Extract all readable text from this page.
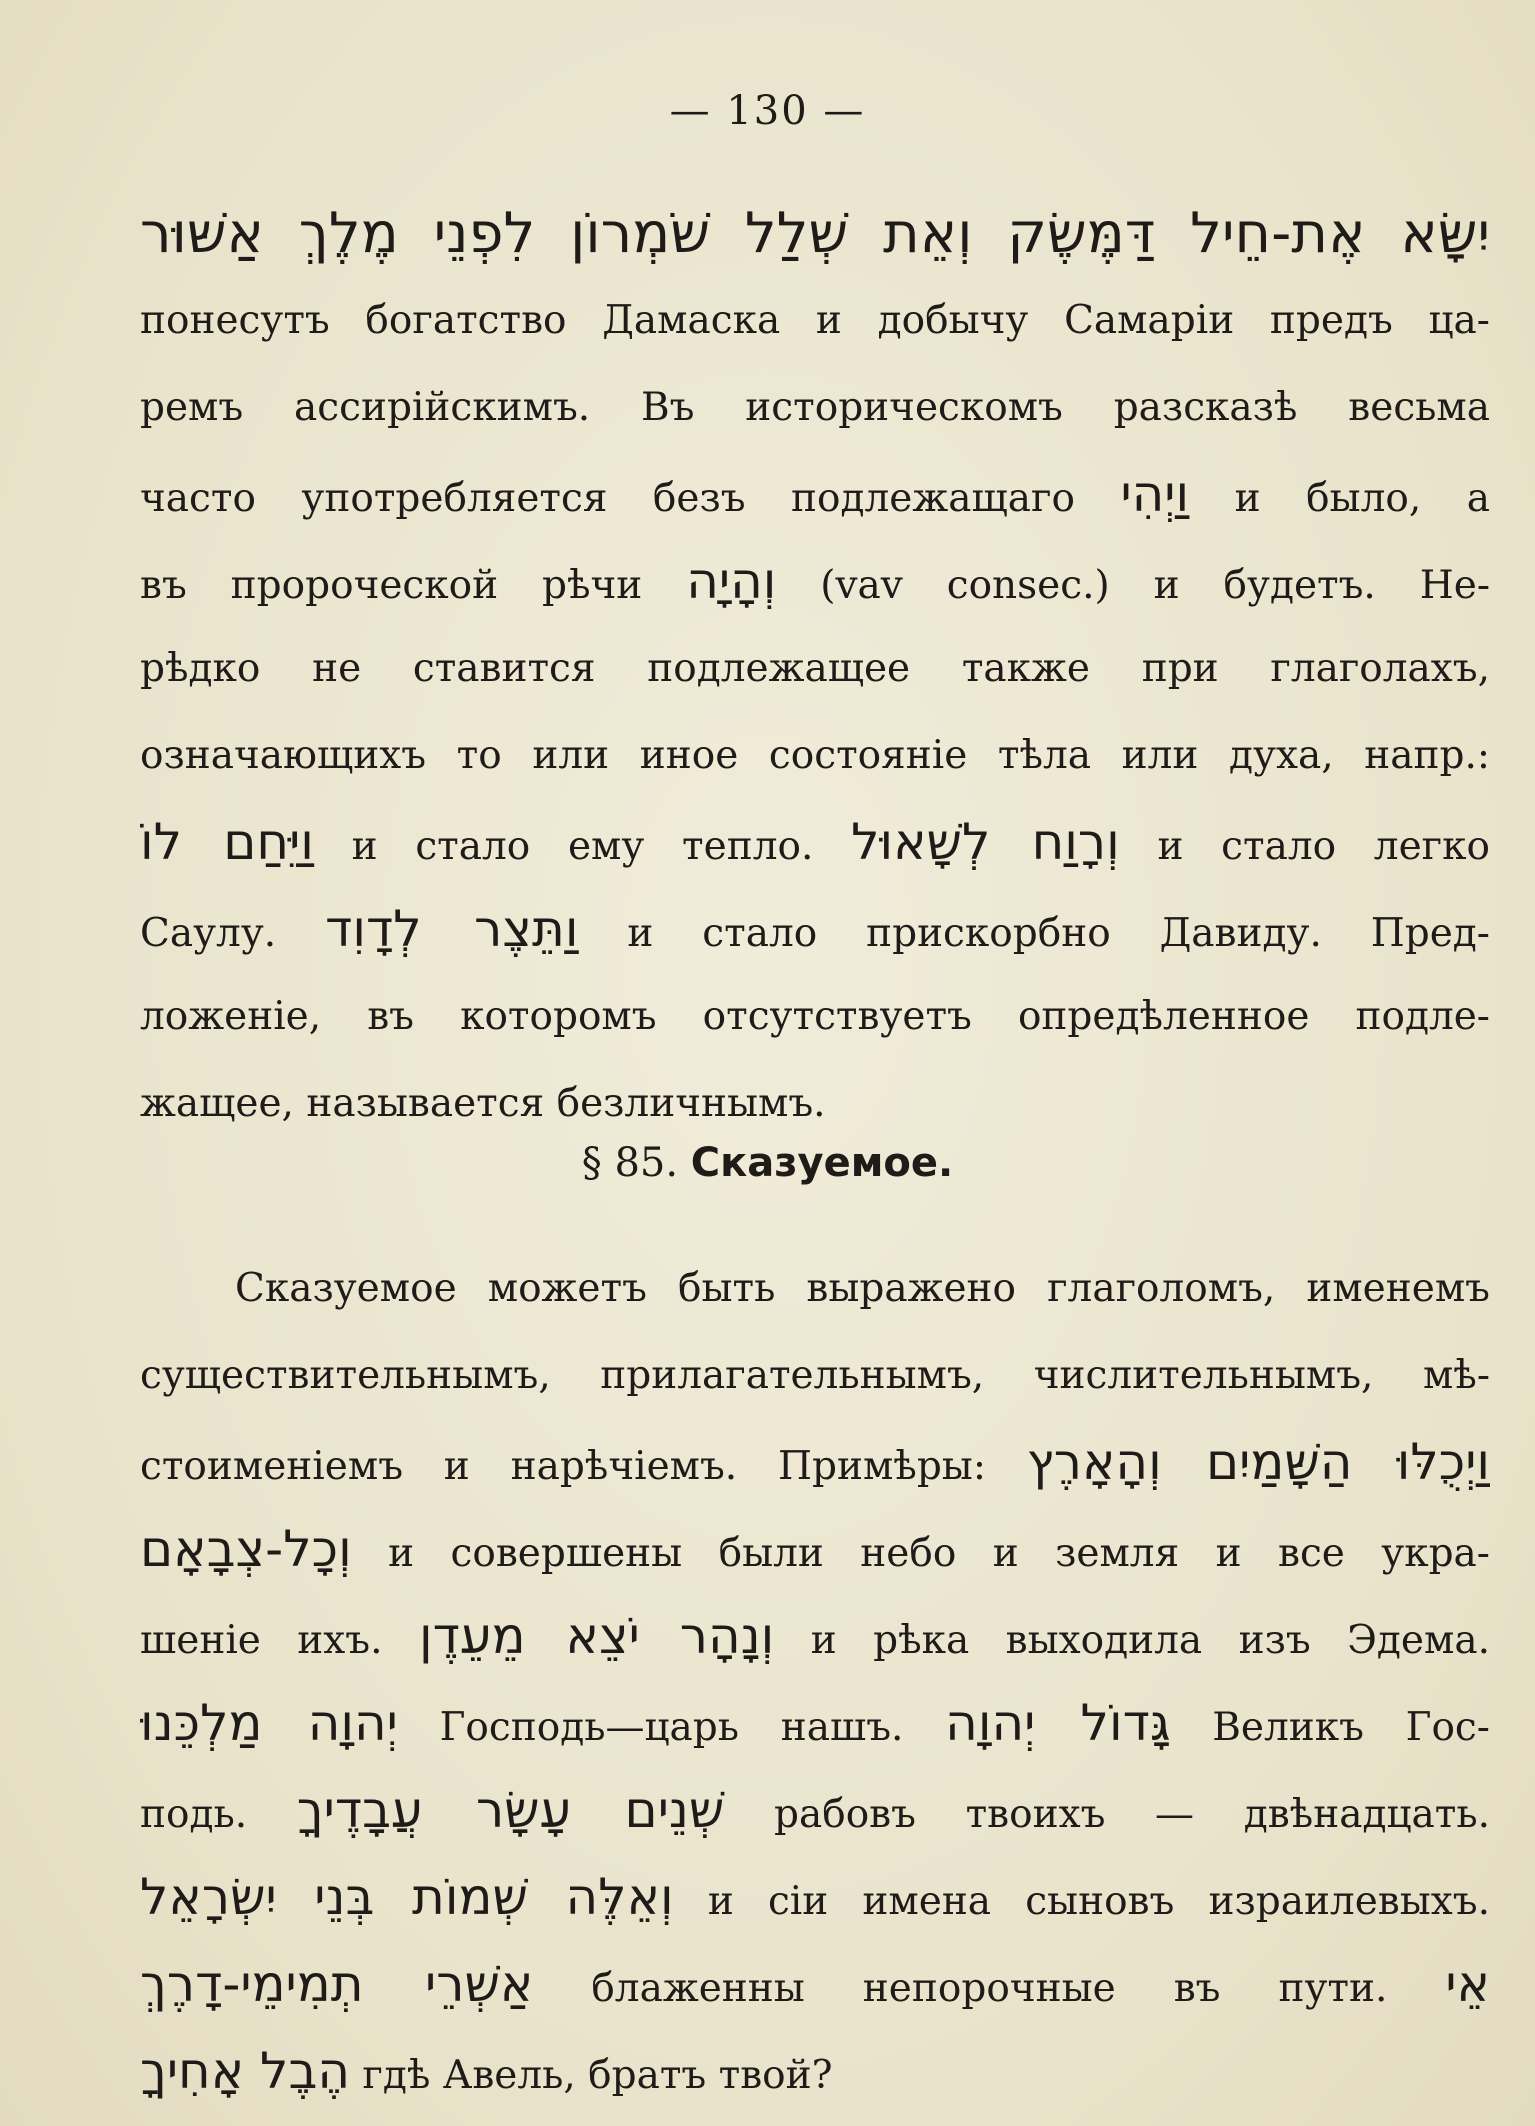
— 130 —
יִשָּׂא אֶת-חֵיל דַּמֶּשֶׂק וְאֵת שְׁלַל שֹׁמְרוֹן לִפְנֵי מֶלֶךְ אַשּׁוּר
понесутъ богатство Дамаска и добычу Самаріи предъ ца-
ремъ ассирійскимъ. Въ историческомъ разсказѣ весьма
часто употребляется безъ подлежащаго וַיְהִי и было, а
въ пророческой рѣчи וְהָיָה (vav consec.) и будетъ. Не-
рѣдко не ставится подлежащее также при глаголахъ,
означающихъ то или иное состояніе тѣла или духа, напр.:
וַיֵּחַם לוֹ и стало ему тепло. וְרָוַח לְשָׁאוּל и стало легко
Саулу. וַתֵּצֶר לְדָוִד и стало прискорбно Давиду. Пред-
ложеніе, въ которомъ отсутствуетъ опредѣленное подле-
жащее, называется безличнымъ.
§ 85. Сказуемое.
Сказуемое можетъ быть выражено глаголомъ, именемъ
существительнымъ, прилагательнымъ, числительнымъ, мѣ-
стоименіемъ и нарѣчіемъ. Примѣры: וַיְכֻלּוּ הַשָּׁמַיִם וְהָאָרֶץ
וְכָל-צְבָאָם и совершены были небо и земля и все укра-
шеніе ихъ. וְנָהָר יֹצֵא מֵעֵדֶן и рѣка выходила изъ Эдема.
יְהוָה מַלְכֵּנוּ Господь—царь нашъ. גָּדוֹל יְהוָה Великъ Гос-
подь. שְׁנֵים עָשָׂר עֲבָדֶיךָ рабовъ твоихъ — двѣнадцать.
וְאֵלֶּה שְׁמוֹת בְּנֵי יִשְׂרָאֵל и сіи имена сыновъ израилевыхъ.
אַשְׁרֵי תְמִימֵי-דָרֶךְ блаженны непорочные въ пути. אֵי
הֶבֶל אָחִיךָ гдѣ Авель, братъ твой?
